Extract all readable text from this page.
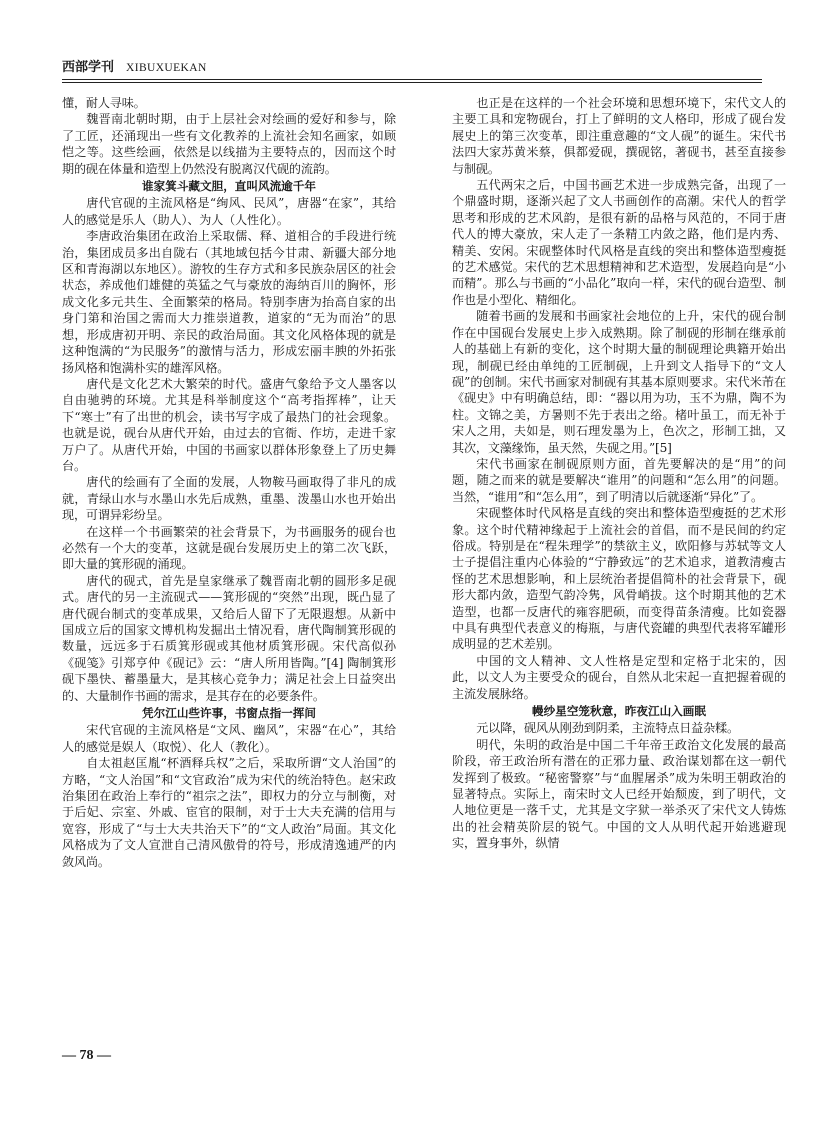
西部学刊 XIBUXUEKAN

懂，耐人寻味。

魏晋南北朝时期，由于上层社会对绘画的爱好和参与，除了工匠，还涌现出一些有文化教养的上流社会知名画家，如顾恺之等。这些绘画，依然是以线描为主要特点的，因而这个时期的砚在体量和造型上仍然没有脱离汉代砚的流韵。

谁家箕斗藏文胆，直叫风流逾千年

唐代官砚的主流风格是“绚风、民风”，唐器“在家”，其给人的感觉是乐人（助人）、为人（人性化）。

李唐政治集团在政治上采取儒、释、道相合的手段进行统治，集团成员多出自陇右（其地域包括今甘肃、新疆大部分地区和青海湖以东地区）。游牧的生存方式和多民族杂居区的社会状态，养成他们雄健的英猛之气与豪放的海纳百川的胸怀，形成文化多元共生、全面繁荣的格局。特别李唐为抬高自家的出身门第和治国之需而大力推崇道教，道家的“无为而治”的思想，形成唐初开明、亲民的政治局面。其文化风格体现的就是这种饱满的“为民服务”的激情与活力，形成宏丽丰腴的外拓张扬风格和饱满朴实的雄浑风格。

唐代是文化艺术大繁荣的时代。盛唐气象给予文人墨客以自由驰骋的环境。尤其是科举制度这个“高考指挥棒”，让天下“寒士”有了出世的机会，读书写字成了最热门的社会现象。也就是说，砚台从唐代开始，由过去的官衙、作坊，走进千家万户了。从唐代开始，中国的书画家以群体形象登上了历史舞台。

唐代的绘画有了全面的发展，人物鞍马画取得了非凡的成就，青绿山水与水墨山水先后成熟，重墨、泼墨山水也开始出现，可谓异彩纷呈。

在这样一个书画繁荣的社会背景下，为书画服务的砚台也必然有一个大的变革，这就是砚台发展历史上的第二次飞跃，即大量的箕形砚的涌现。

唐代的砚式，首先是皇家继承了魏晋南北朝的圆形多足砚式。唐代的另一主流砚式——箕形砚的“突然”出现，既凸显了唐代砚台制式的变革成果，又给后人留下了无限遐想。从新中国成立后的国家文博机构发掘出土情况看，唐代陶制箕形砚的数量，远远多于石质箕形砚或其他材质箕形砚。宋代高似孙《砚笺》引郑亨仲《砚记》云：“唐人所用皆陶。”[4] 陶制箕形砚下墨快、蓄墨量大，是其核心竞争力；满足社会上日益突出的、大量制作书画的需求，是其存在的必要条件。

凭尔江山些许事，书窗点指一挥间

宋代官砚的主流风格是“文风、幽风”，宋器“在心”，其给人的感觉是娱人（取悦）、化人（教化）。

自太祖赵匡胤“杯酒释兵权”之后，采取所谓“文人治国”的方略，“文人治国”和“文官政治”成为宋代的统治特色。赵宋政治集团在政治上奉行的“祖宗之法”，即权力的分立与制衡，对于后妃、宗室、外戚、宦官的限制，对于士大夫充满的信用与宽容，形成了“与士大夫共治天下”的“文人政治”局面。其文化风格成为了文人宣泄自己清风傲骨的符号，形成清逸逋严的内敛风尚。

也正是在这样的一个社会环境和思想环境下，宋代文人的主要工具和宠物砚台，打上了鲜明的文人格印，形成了砚台发展史上的第三次变革，即注重意趣的“文人砚”的诞生。宋代书法四大家苏黄米蔡，俱都爱砚，撰砚铭，著砚书，甚至直接参与制砚。

五代两宋之后，中国书画艺术进一步成熟完备，出现了一个鼎盛时期，逐渐兴起了文人书画创作的高潮。宋代人的哲学思考和形成的艺术风韵，是很有新的品格与风范的，不同于唐代人的博大豪放，宋人走了一条精工内敛之路，他们是内秀、精美、安闲。宋砚整体时代风格是直线的突出和整体造型瘦挺的艺术感觉。宋代的艺术思想精神和艺术造型，发展趋向是“小而精”。那么与书画的“小品化”取向一样，宋代的砚台造型、制作也是小型化、精细化。

随着书画的发展和书画家社会地位的上升，宋代的砚台制作在中国砚台发展史上步入成熟期。除了制砚的形制在继承前人的基础上有新的变化，这个时期大量的制砚理论典籍开始出现，制砚已经由单纯的工匠制砚，上升到文人指导下的“文人砚”的创制。宋代书画家对制砚有其基本原则要求。宋代米芾在《砚史》中有明确总结，即：“器以用为功，玉不为鼎，陶不为柱。文锦之美，方暑则不先于表出之绤。楮叶虽工，而无补于宋人之用，夫如是，则石理发墨为上，色次之，形制工拙，又其次，文藻缘饰，虽天然，失砚之用。”[5]

宋代书画家在制砚原则方面，首先要解决的是“用”的问题，随之而来的就是要解决“谁用”的问题和“怎么用”的问题。当然，“谁用”和“怎么用”，到了明清以后就逐渐“异化”了。

宋砚整体时代风格是直线的突出和整体造型瘦挺的艺术形象。这个时代精神缘起于上流社会的首倡，而不是民间的约定俗成。特别是在“程朱理学”的禁欲主义，欧阳修与苏轼等文人士子提倡注重内心体验的“宁静致远”的艺术追求，道教清瘦古怪的艺术思想影响，和上层统治者提倡简朴的社会背景下，砚形大都内敛，造型气韵冷隽，风骨峭拔。这个时期其他的艺术造型，也都一反唐代的雍容肥硕，而变得苗条清瘦。比如瓷器中具有典型代表意义的梅瓶，与唐代瓷罐的典型代表将军罐形成明显的艺术差别。

中国的文人精神、文人性格是定型和定格于北宋的，因此，以文人为主要受众的砚台，自然从北宋起一直把握着砚的主流发展脉络。

幔纱星空笼秋意，昨夜江山入画眠

元以降，砚风从刚劲到阴柔，主流特点日益杂糅。

明代，朱明的政治是中国二千年帝王政治文化发展的最高阶段，帝王政治所有潜在的正邪力量、政治谋划都在这一朝代发挥到了极致。“秘密警察”与“血腥屠杀”成为朱明王朝政治的显著特点。实际上，南宋时文人已经开始颓废，到了明代，文人地位更是一落千丈，尤其是文字狱一举杀灭了宋代文人铸炼出的社会精英阶层的锐气。中国的文人从明代起开始逃避现实，置身事外，纵情

— 78 —
